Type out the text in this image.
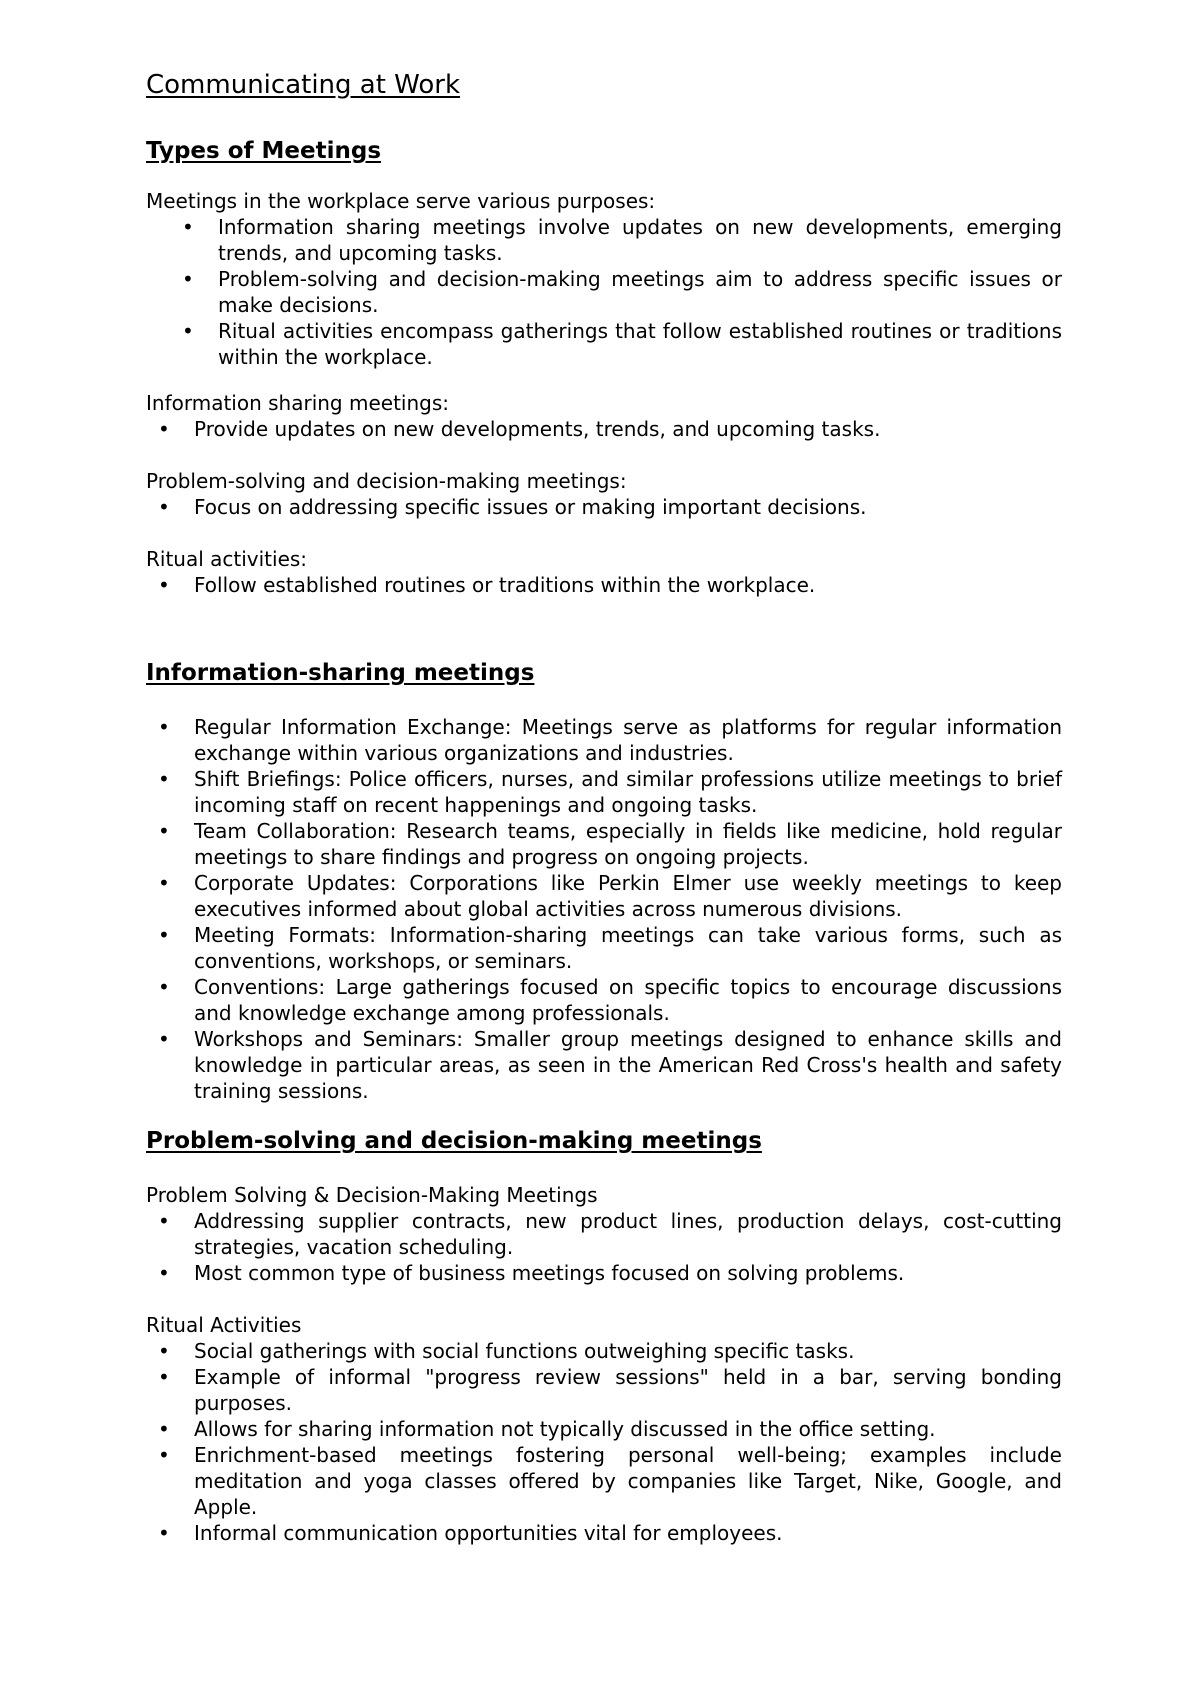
Communicating at Work
Types of Meetings

Meetings in the workplace serve various purposes:

• Information sharing meetings involve updates on new developments, emerging trends, and upcoming tasks.
• Problem-solving and decision-making meetings aim to address specific issues or make decisions.
• Ritual activities encompass gatherings that follow established routines or traditions within the workplace.

Information sharing meetings:

• Provide updates on new developments, trends, and upcoming tasks.

Problem-solving and decision-making meetings:

• Focus on addressing specific issues or making important decisions.

Ritual activities:

• Follow established routines or traditions within the workplace.
Information-sharing meetings
• Regular Information Exchange: Meetings serve as platforms for regular information exchange within various organizations and industries.
• Shift Briefings: Police officers, nurses, and similar professions utilize meetings to brief incoming staff on recent happenings and ongoing tasks.
• Team Collaboration: Research teams, especially in fields like medicine, hold regular meetings to share findings and progress on ongoing projects.
• Corporate Updates: Corporations like Perkin Elmer use weekly meetings to keep executives informed about global activities across numerous divisions.
• Meeting Formats: Information-sharing meetings can take various forms, such as conventions, workshops, or seminars.
• Conventions: Large gatherings focused on specific topics to encourage discussions and knowledge exchange among professionals.
• Workshops and Seminars: Smaller group meetings designed to enhance skills and knowledge in particular areas, as seen in the American Red Cross's health and safety training sessions.
Problem-solving and decision-making meetings

Problem Solving & Decision-Making Meetings

• Addressing supplier contracts, new product lines, production delays, cost-cutting strategies, vacation scheduling.
• Most common type of business meetings focused on solving problems.

Ritual Activities

• Social gatherings with social functions outweighing specific tasks.
• Example of informal "progress review sessions" held in a bar, serving bonding purposes.
• Allows for sharing information not typically discussed in the office setting.
• Enrichment-based meetings fostering personal well-being; examples include meditation and yoga classes offered by companies like Target, Nike, Google, and Apple.
• Informal communication opportunities vital for employees.
